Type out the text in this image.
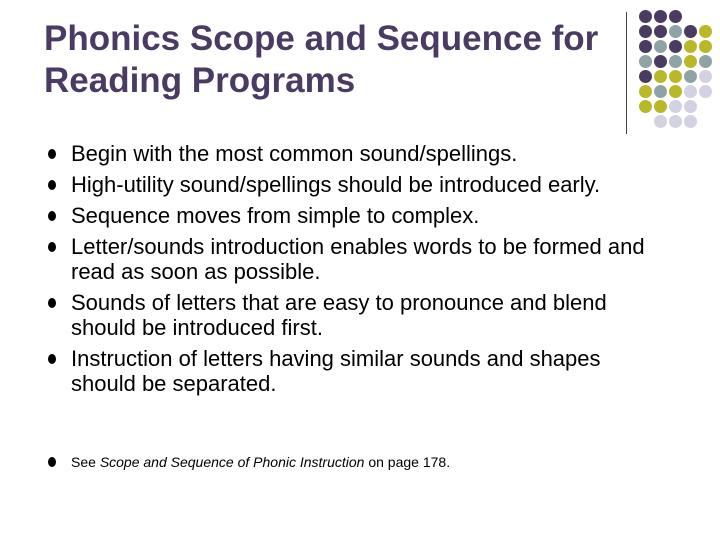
Phonics Scope and Sequence for Reading Programs
Begin with the most common sound/spellings.
High-utility sound/spellings should be introduced early.
Sequence moves from simple to complex.
Letter/sounds introduction enables words to be formed and read as soon as possible.
Sounds of letters that are easy to pronounce and blend should be introduced first.
Instruction of letters having similar sounds and shapes should be separated.
See Scope and Sequence of Phonic Instruction on page 178.
